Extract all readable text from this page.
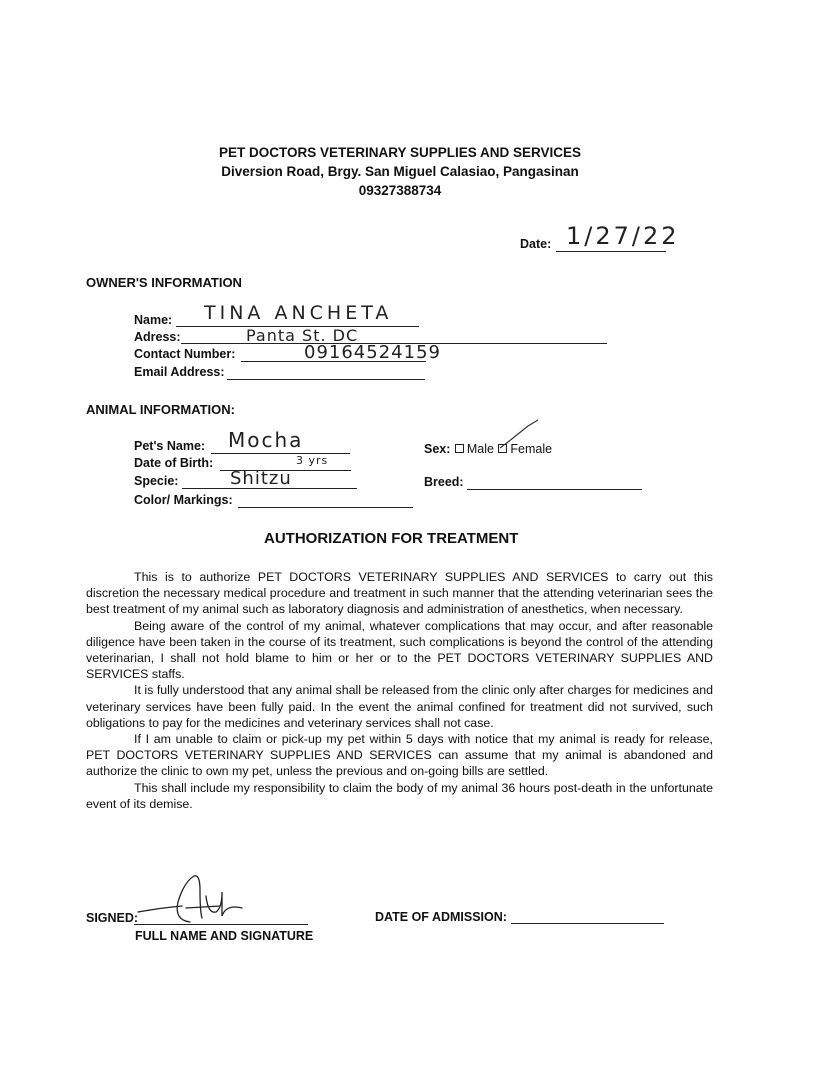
PET DOCTORS VETERINARY SUPPLIES AND SERVICES
Diversion Road, Brgy. San Miguel Calasiao, Pangasinan
09327388734
Date: 1/27/22
OWNER'S INFORMATION
Name: TINA ANCHETA
Adress:	Panta St. DC
Contact Number:	09164524159
Email Address:
ANIMAL INFORMATION:
Pet's Name: Mocha
Date of Birth:	3 yrs
Specie:	Shitzu
Color/ Markings:
Sex: Male Female
Breed:
AUTHORIZATION FOR TREATMENT

This is to authorize PET DOCTORS VETERINARY SUPPLIES AND SERVICES to carry out this discretion the necessary medical procedure and treatment in such manner that the attending veterinarian sees the best treatment of my animal such as laboratory diagnosis and administration of anesthetics, when necessary.

Being aware of the control of my animal, whatever complications that may occur, and after reasonable diligence have been taken in the course of its treatment, such complications is beyond the control of the attending veterinarian, I shall not hold blame to him or her or to the PET DOCTORS VETERINARY SUPPLIES AND SERVICES staffs.

It is fully understood that any animal shall be released from the clinic only after charges for medicines and veterinary services have been fully paid. In the event the animal confined for treatment did not survived, such obligations to pay for the medicines and veterinary services shall not case.

If I am unable to claim or pick-up my pet within 5 days with notice that my animal is ready for release, PET DOCTORS VETERINARY SUPPLIES AND SERVICES can assume that my animal is abandoned and authorize the clinic to own my pet, unless the previous and on-going bills are settled.

This shall include my responsibility to claim the body of my animal 36 hours post-death in the unfortunate event of its demise.

SIGNED:
FULL NAME AND SIGNATURE
DATE OF ADMISSION:
